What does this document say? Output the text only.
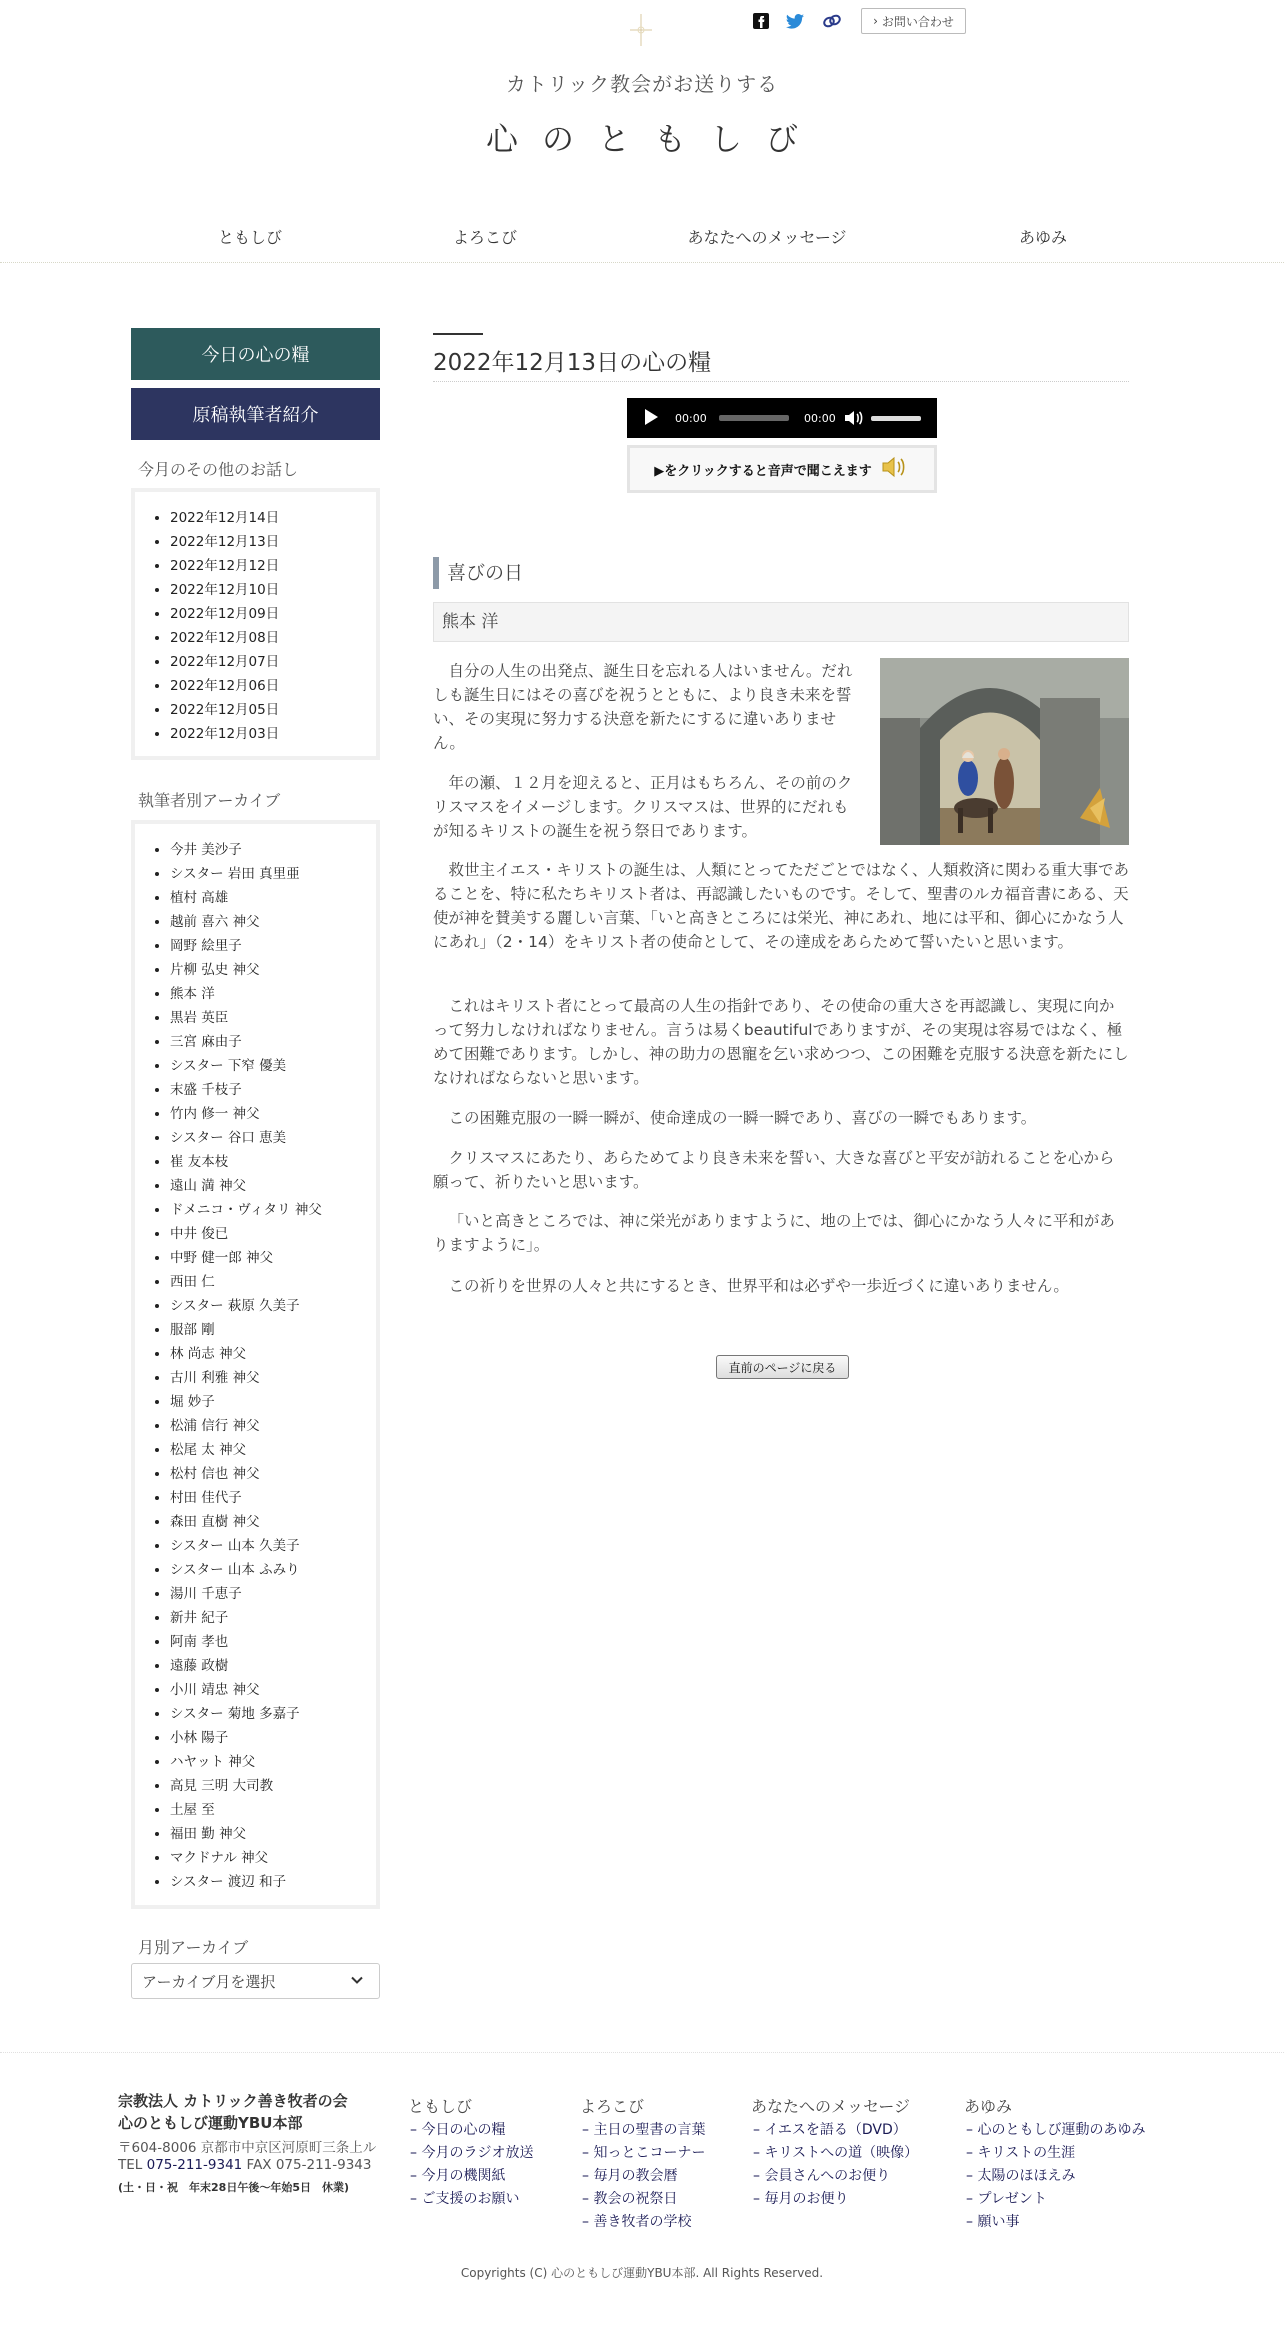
› お問い合わせ
カトリック教会がお送りする
心のともしび
ともしび	よろこび	あなたへのメッセージ	あゆみ
今日の心の糧
原稿執筆者紹介
今月のその他のお話し
• 2022年12月14日
• 2022年12月13日
• 2022年12月12日
• 2022年12月10日
• 2022年12月09日
• 2022年12月08日
• 2022年12月07日
• 2022年12月06日
• 2022年12月05日
• 2022年12月03日
執筆者別アーカイブ
• 今井 美沙子
• シスター 岩田 真里亜
• 植村 高雄
• 越前 喜六 神父
• 岡野 絵里子
• 片柳 弘史 神父
• 熊本 洋
• 黒岩 英臣
• 三宮 麻由子
• シスター 下窄 優美
• 末盛 千枝子
• 竹内 修一 神父
• シスター 谷口 恵美
• 崔 友本枝
• 遠山 満 神父
• ドメニコ・ヴィタリ 神父
• 中井 俊已
• 中野 健一郎 神父
• 西田 仁
• シスター 萩原 久美子
• 服部 剛
• 林 尚志 神父
• 古川 利雅 神父
• 堀 妙子
• 松浦 信行 神父
• 松尾 太 神父
• 松村 信也 神父
• 村田 佳代子
• 森田 直樹 神父
• シスター 山本 久美子
• シスター 山本 ふみり
• 湯川 千恵子
• 新井 紀子
• 阿南 孝也
• 遠藤 政樹
• 小川 靖忠 神父
• シスター 菊地 多嘉子
• 小林 陽子
• ハヤット 神父
• 高見 三明 大司教
• 土屋 至
• 福田 勤 神父
• マクドナル 神父
• シスター 渡辺 和子
月別アーカイブ
アーカイブ月を選択
2022年12月13日の心の糧
00:00	00:00
▶をクリックすると音声で聞こえます
喜びの日
熊本 洋
自分の人生の出発点、誕生日を忘れる人はいません。だれしも誕生日にはその喜びを祝うとともに、より良き未来を誓い、その実現に努力する決意を新たにするに違いありません。
年の瀬、１２月を迎えると、正月はもちろん、その前のクリスマスをイメージします。クリスマスは、世界的にだれもが知るキリストの誕生を祝う祭日であります。
救世主イエス・キリストの誕生は、人類にとってただごとではなく、人類救済に関わる重大事であることを、特に私たちキリスト者は、再認識したいものです。そして、聖書のルカ福音書にある、天使が神を賛美する麗しい言葉、「いと高きところには栄光、神にあれ、地には平和、御心にかなう人にあれ」（2・14）をキリスト者の使命として、その達成をあらためて誓いたいと思います。
これはキリスト者にとって最高の人生の指針であり、その使命の重大さを再認識し、実現に向かって努力しなければなりません。言うは易くbeautifulでありますが、その実現は容易ではなく、極めて困難であります。しかし、神の助力の恩寵を乞い求めつつ、この困難を克服する決意を新たにしなければならないと思います。
この困難克服の一瞬一瞬が、使命達成の一瞬一瞬であり、喜びの一瞬でもあります。
クリスマスにあたり、あらためてより良き未来を誓い、大きな喜びと平安が訪れることを心から願って、祈りたいと思います。
「いと高きところでは、神に栄光がありますように、地の上では、御心にかなう人々に平和がありますように」。
この祈りを世界の人々と共にするとき、世界平和は必ずや一歩近づくに違いありません。
直前のページに戻る
宗教法人 カトリック善き牧者の会
心のともしび運動YBU本部
〒604-8006 京都市中京区河原町三条上ル
TEL 075-211-9341 FAX 075-211-9343
(土・日・祝　年末28日午後〜年始5日　休業)
ともしび
– 今日の心の糧
– 今月のラジオ放送
– 今月の機関紙
– ご支援のお願い
よろこび
– 主日の聖書の言葉
– 知っとこコーナー
– 毎月の教会暦
– 教会の祝祭日
– 善き牧者の学校
あなたへのメッセージ
– イエスを語る（DVD）
– キリストへの道（映像）
– 会員さんへのお便り
– 毎月のお便り
あゆみ
– 心のともしび運動のあゆみ
– キリストの生涯
– 太陽のほほえみ
– プレゼント
– 願い事
Copyrights (C) 心のともしび運動YBU本部. All Rights Reserved.
